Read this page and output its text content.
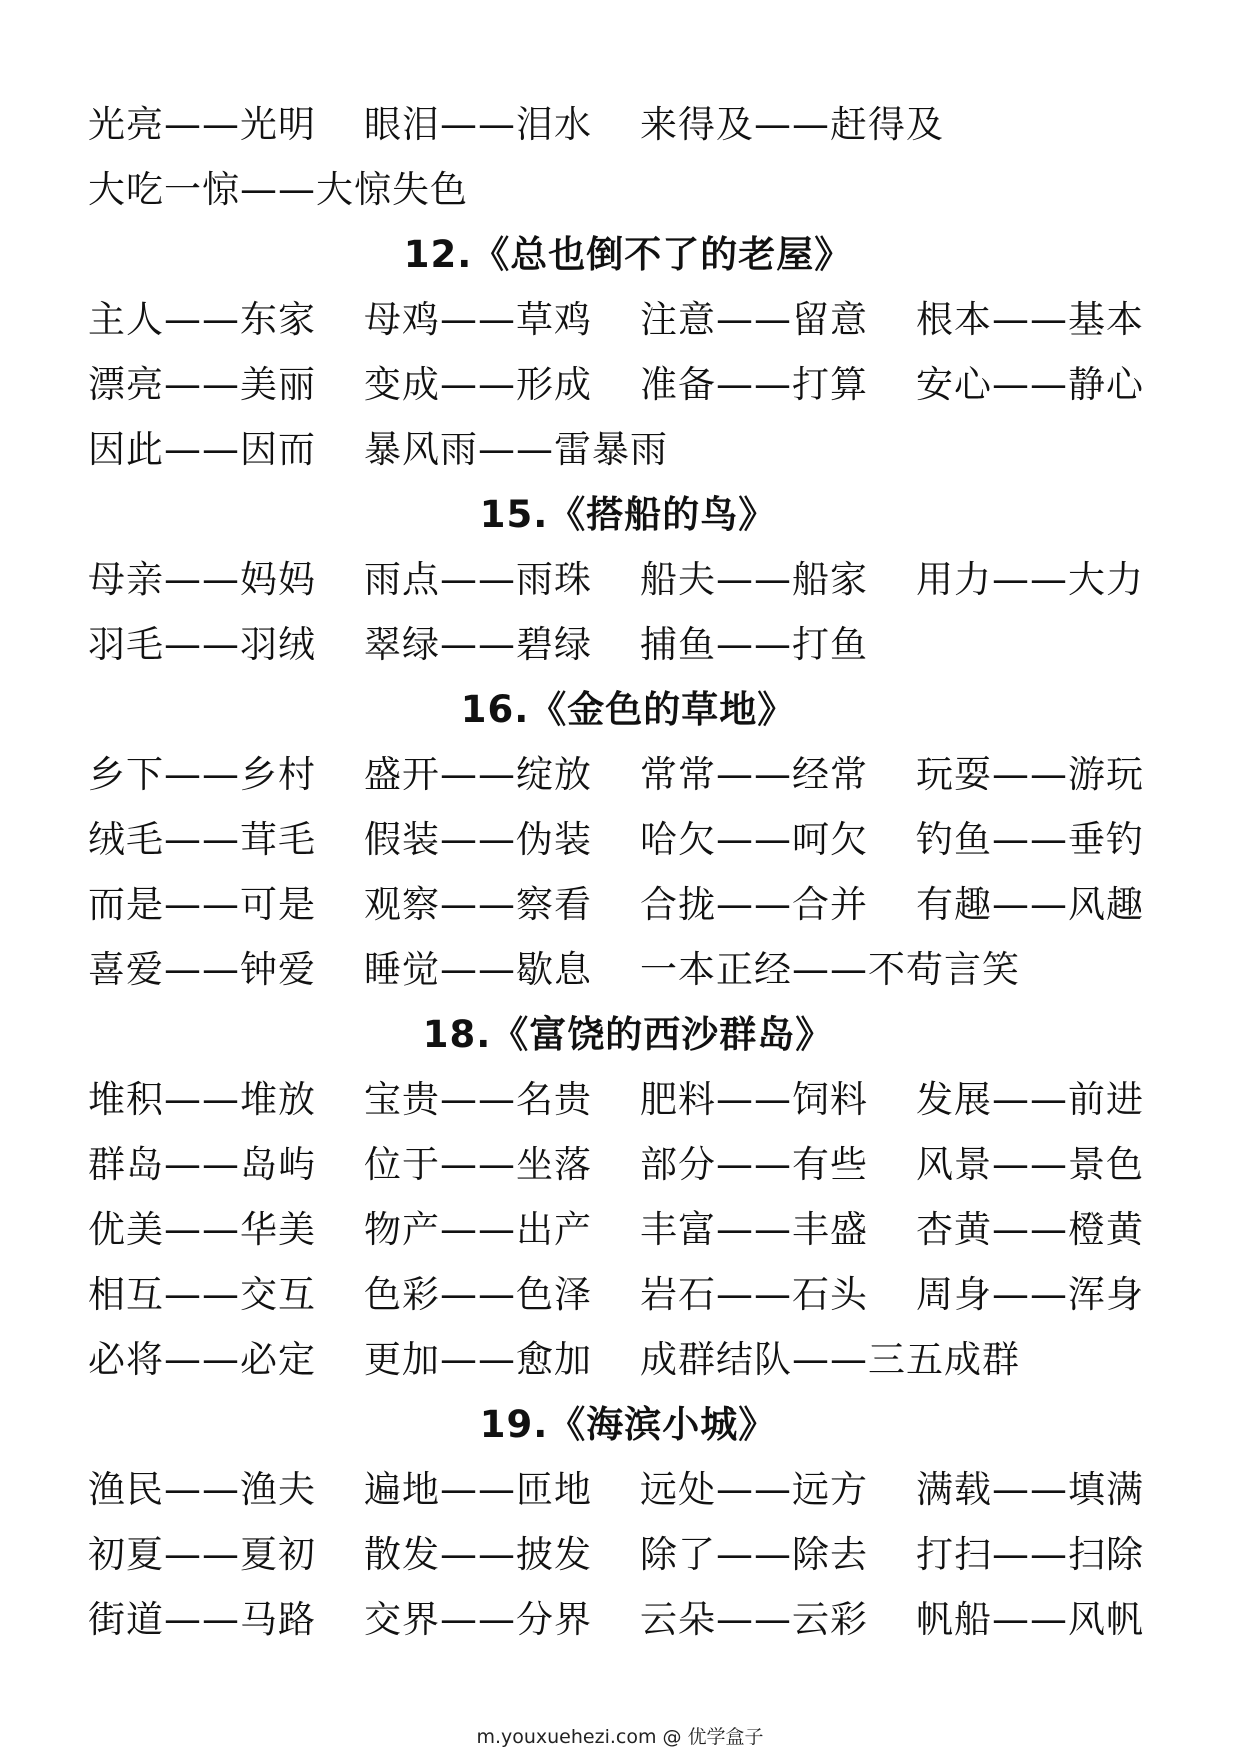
光亮——光明	眼泪——泪水	来得及——赶得及
大吃一惊——大惊失色
12.《总也倒不了的老屋》
主人——东家	母鸡——草鸡	注意——留意	根本——基本
漂亮——美丽	变成——形成	准备——打算	安心——静心
因此——因而	暴风雨——雷暴雨
15.《搭船的鸟》
母亲——妈妈	雨点——雨珠	船夫——船家	用力——大力
羽毛——羽绒	翠绿——碧绿	捕鱼——打鱼
16.《金色的草地》
乡下——乡村	盛开——绽放	常常——经常	玩耍——游玩
绒毛——茸毛	假装——伪装	哈欠——呵欠	钓鱼——垂钓
而是——可是	观察——察看	合拢——合并	有趣——风趣
喜爱——钟爱	睡觉——歇息	一本正经——不苟言笑
18.《富饶的西沙群岛》
堆积——堆放	宝贵——名贵	肥料——饲料	发展——前进
群岛——岛屿	位于——坐落	部分——有些	风景——景色
优美——华美	物产——出产	丰富——丰盛	杏黄——橙黄
相互——交互	色彩——色泽	岩石——石头	周身——浑身
必将——必定	更加——愈加	成群结队——三五成群
19.《海滨小城》
渔民——渔夫	遍地——匝地	远处——远方	满载——填满
初夏——夏初	散发——披发	除了——除去	打扫——扫除
街道——马路	交界——分界	云朵——云彩	帆船——风帆
m.youxuehezi.com @ 优学盒子
